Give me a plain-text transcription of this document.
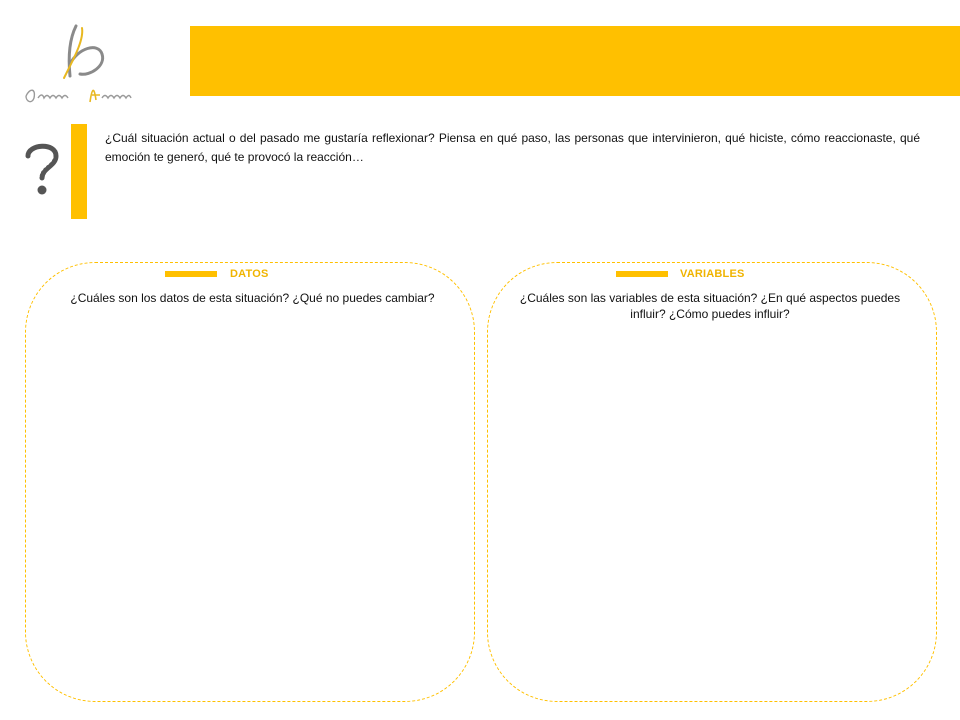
¿Cuál situación actual o del pasado me gustaría reflexionar? Piensa en qué paso, las personas que intervinieron, qué hiciste, cómo reaccionaste, qué emoción te generó, qué te provocó la reacción…

DATOS

¿Cuáles son los datos de esta situación? ¿Qué no puedes cambiar?

VARIABLES

¿Cuáles son las variables de esta situación? ¿En qué aspectos puedes influir? ¿Cómo puedes influir?
